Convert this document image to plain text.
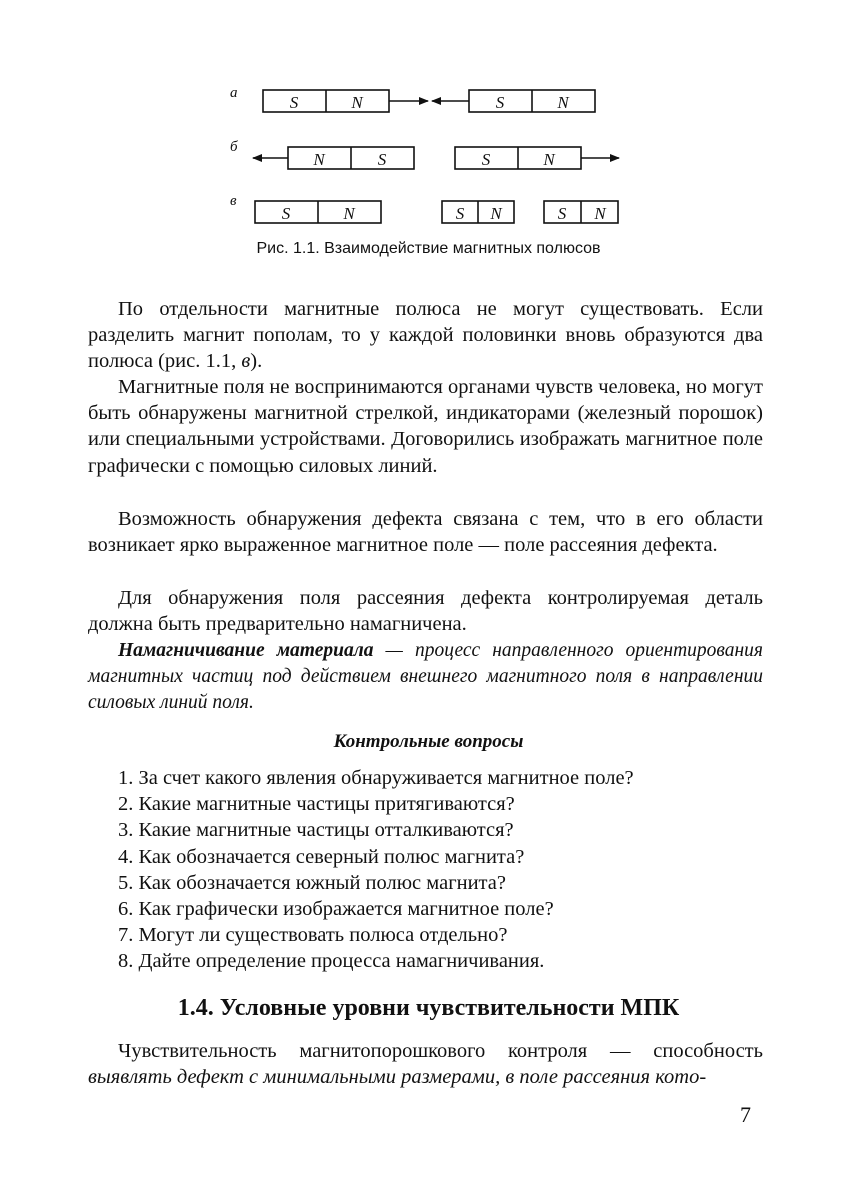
а
б
в
S	N	S	N
N	S	S	N
S	N	S N	S N
Рис. 1.1. Взаимодействие магнитных полюсов

По отдельности магнитные полюса не могут существовать. Если разделить магнит пополам, то у каждой половинки вновь образуются два полюса (рис. 1.1, в).

Магнитные поля не воспринимаются органами чувств человека, но могут быть обнаружены магнитной стрелкой, индикаторами (железный порошок) или специальными устройствами. Договорились изображать магнитное поле графически с помощью силовых линий.

Возможность обнаружения дефекта связана с тем, что в его области возникает ярко выраженное магнитное поле — поле рассеяния дефекта.

Для обнаружения поля рассеяния дефекта контролируемая деталь должна быть предварительно намагничена.

Намагничивание материала — процесс направленного ориентирования магнитных частиц под действием внешнего магнитного поля в направлении силовых линий поля.

Контрольные вопросы
1. За счет какого явления обнаруживается магнитное поле?
2. Какие магнитные частицы притягиваются?
3. Какие магнитные частицы отталкиваются?
4. Как обозначается северный полюс магнита?
5. Как обозначается южный полюс магнита?
6. Как графически изображается магнитное поле?
7. Могут ли существовать полюса отдельно?
8. Дайте определение процесса намагничивания.
1.4. Условные уровни чувствительности МПК

Чувствительность магнитопорошкового контроля — способность выявлять дефект с минимальными размерами, в поле рассеяния кото-

7
